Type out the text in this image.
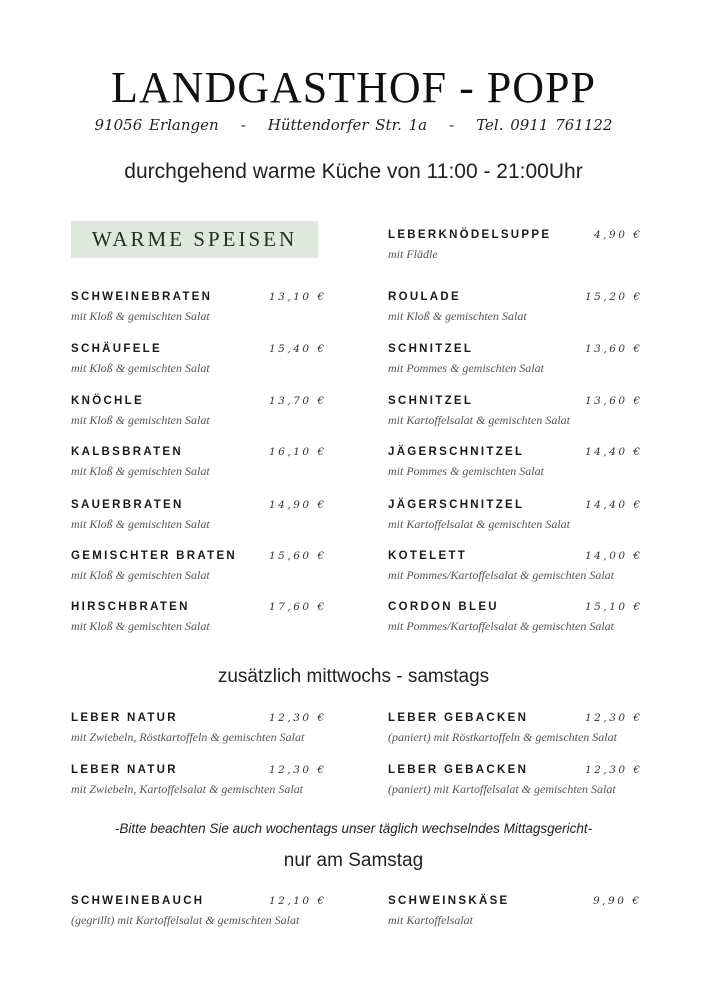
LANDGASTHOF - POPP
91056 Erlangen - Hüttendorfer Str. 1a - Tel. 0911 761122
durchgehend warme Küche von 11:00 - 21:00Uhr
WARME SPEISEN
SCHWEINEBRATEN	13,10 €
mit Kloß & gemischten Salat
SCHÄUFELE	15,40 €
mit Kloß & gemischten Salat
KNÖCHLE	13,70 €
mit Kloß & gemischten Salat
KALBSBRATEN	16,10 €
mit Kloß & gemischten Salat
SAUERBRATEN	14,90 €
mit Kloß & gemischten Salat
GEMISCHTER BRATEN	15,60 €
mit Kloß & gemischten Salat
HIRSCHBRATEN	17,60 €
mit Kloß & gemischten Salat
LEBERKNÖDELSUPPE	4,90 €
mit Flädle
ROULADE	15,20 €
mit Kloß & gemischten Salat
SCHNITZEL	13,60 €
mit Pommes & gemischten Salat
SCHNITZEL	13,60 €
mit Kartoffelsalat & gemischten Salat
JÄGERSCHNITZEL	14,40 €
mit Pommes & gemischten Salat
JÄGERSCHNITZEL	14,40 €
mit Kartoffelsalat & gemischten Salat
KOTELETT	14,00 €
mit Pommes/Kartoffelsalat & gemischten Salat
CORDON BLEU	15,10 €
mit Pommes/Kartoffelsalat & gemischten Salat
zusätzlich mittwochs - samstags
LEBER NATUR	12,30 €
mit Zwiebeln, Röstkartoffeln & gemischten Salat
LEBER GEBACKEN	12,30 €
(paniert) mit Röstkartoffeln & gemischten Salat
LEBER NATUR	12,30 €
mit Zwiebeln, Kartoffelsalat & gemischten Salat
LEBER GEBACKEN	12,30 €
(paniert) mit Kartoffelsalat & gemischten Salat
-Bitte beachten Sie auch wochentags unser täglich wechselndes Mittagsgericht-
nur am Samstag
SCHWEINEBAUCH	12,10 €
(gegrillt) mit Kartoffelsalat & gemischten Salat
SCHWEINSKÄSE	9,90 €
mit Kartoffelsalat
